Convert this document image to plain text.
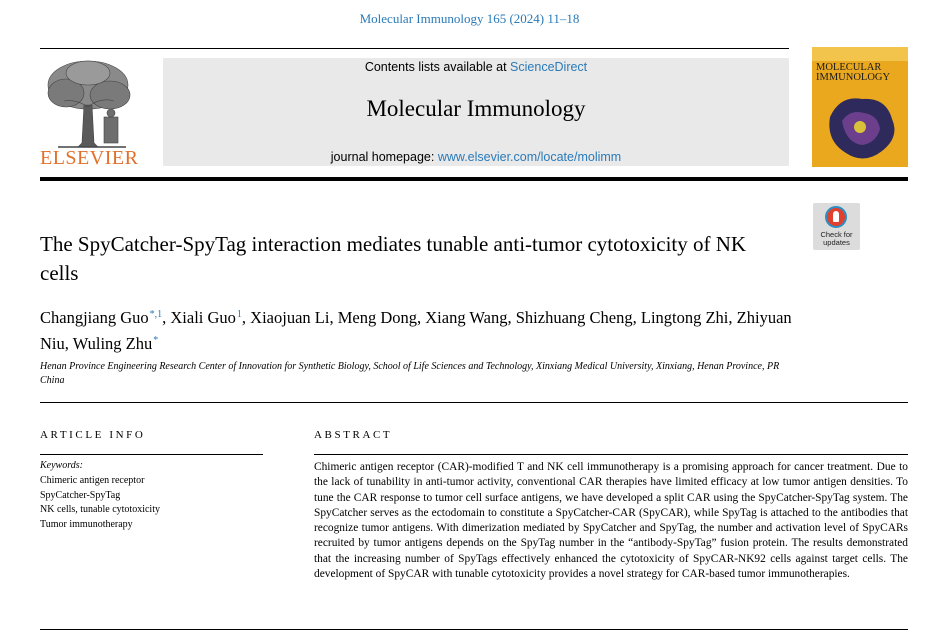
Molecular Immunology 165 (2024) 11–18
ELSEVIER
Contents lists available at ScienceDirect
Molecular Immunology
journal homepage: www.elsevier.com/locate/molimm
MOLECULAR
IMMUNOLOGY
Check for
updates
The SpyCatcher-SpyTag interaction mediates tunable anti-tumor cytotoxicity of NK cells
Changjiang Guo$^{*,1}$, Xiali Guo$^1$, Xiaojuan Li, Meng Dong, Xiang Wang, Shizhuang Cheng, Lingtong Zhi, Zhiyuan Niu, Wuling Zhu*
Henan Province Engineering Research Center of Innovation for Synthetic Biology, School of Life Sciences and Technology, Xinxiang Medical University, Xinxiang, Henan Province, PR China
ARTICLE INFO
Keywords:
Chimeric antigen receptor
SpyCatcher-SpyTag
NK cells, tunable cytotoxicity
Tumor immunotherapy
ABSTRACT
Chimeric antigen receptor (CAR)-modified T and NK cell immunotherapy is a promising approach for cancer treatment. Due to the lack of tunability in anti-tumor activity, conventional CAR therapies have limited efficacy at low tumor antigen densities. To tune the CAR response to tumor cell surface antigens, we have developed a split CAR using the SpyCatcher-SpyTag system. The SpyCatcher serves as the ectodomain to constitute a SpyCatcher-CAR (SpyCAR), while SpyTag is attached to the antibodies that recognize tumor antigens. With dimerization mediated by SpyCatcher and SpyTag, the number and activation level of SpyCARs recruited by tumor antigens depends on the SpyTag number in the “antibody-SpyTag” fusion protein. The results demonstrated that the increasing number of SpyTags effectively enhanced the cytotoxicity of SpyCAR-NK92 cells against target cells. The development of SpyCAR with tunable cytotoxicity provides a novel strategy for CAR-based tumor immunotherapies.
